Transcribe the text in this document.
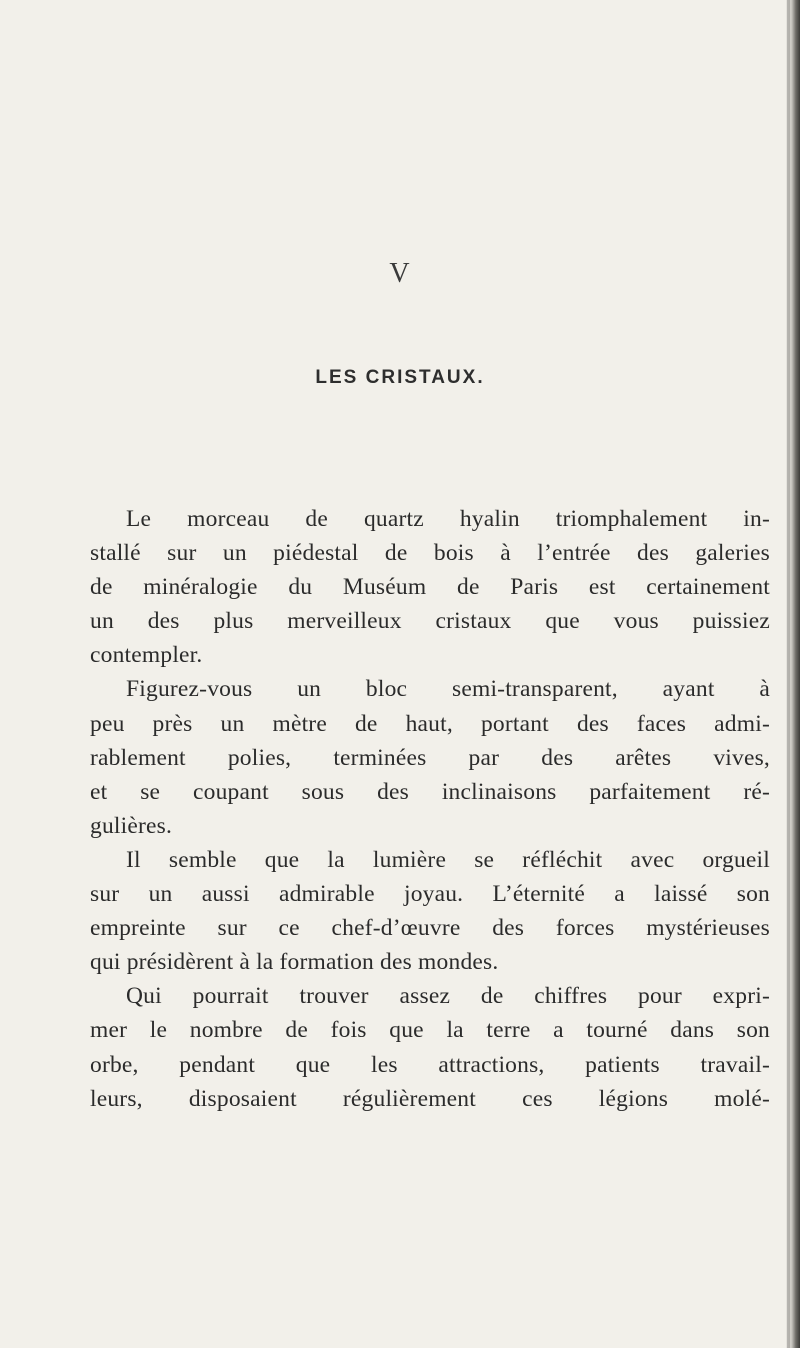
V
LES CRISTAUX.
Le morceau de quartz hyalin triomphalement in-
stallé sur un piédestal de bois à l’entrée des galeries
de minéralogie du Muséum de Paris est certainement
un des plus merveilleux cristaux que vous puissiez
contempler.
Figurez-vous un bloc semi-transparent, ayant à
peu près un mètre de haut, portant des faces admi-
rablement polies, terminées par des arêtes vives,
et se coupant sous des inclinaisons parfaitement ré-
gulières.
Il semble que la lumière se réfléchit avec orgueil
sur un aussi admirable joyau. L’éternité a laissé son
empreinte sur ce chef-d’œuvre des forces mystérieuses
qui présidèrent à la formation des mondes.
Qui pourrait trouver assez de chiffres pour expri-
mer le nombre de fois que la terre a tourné dans son
orbe, pendant que les attractions, patients travail-
leurs, disposaient régulièrement ces légions molé-
